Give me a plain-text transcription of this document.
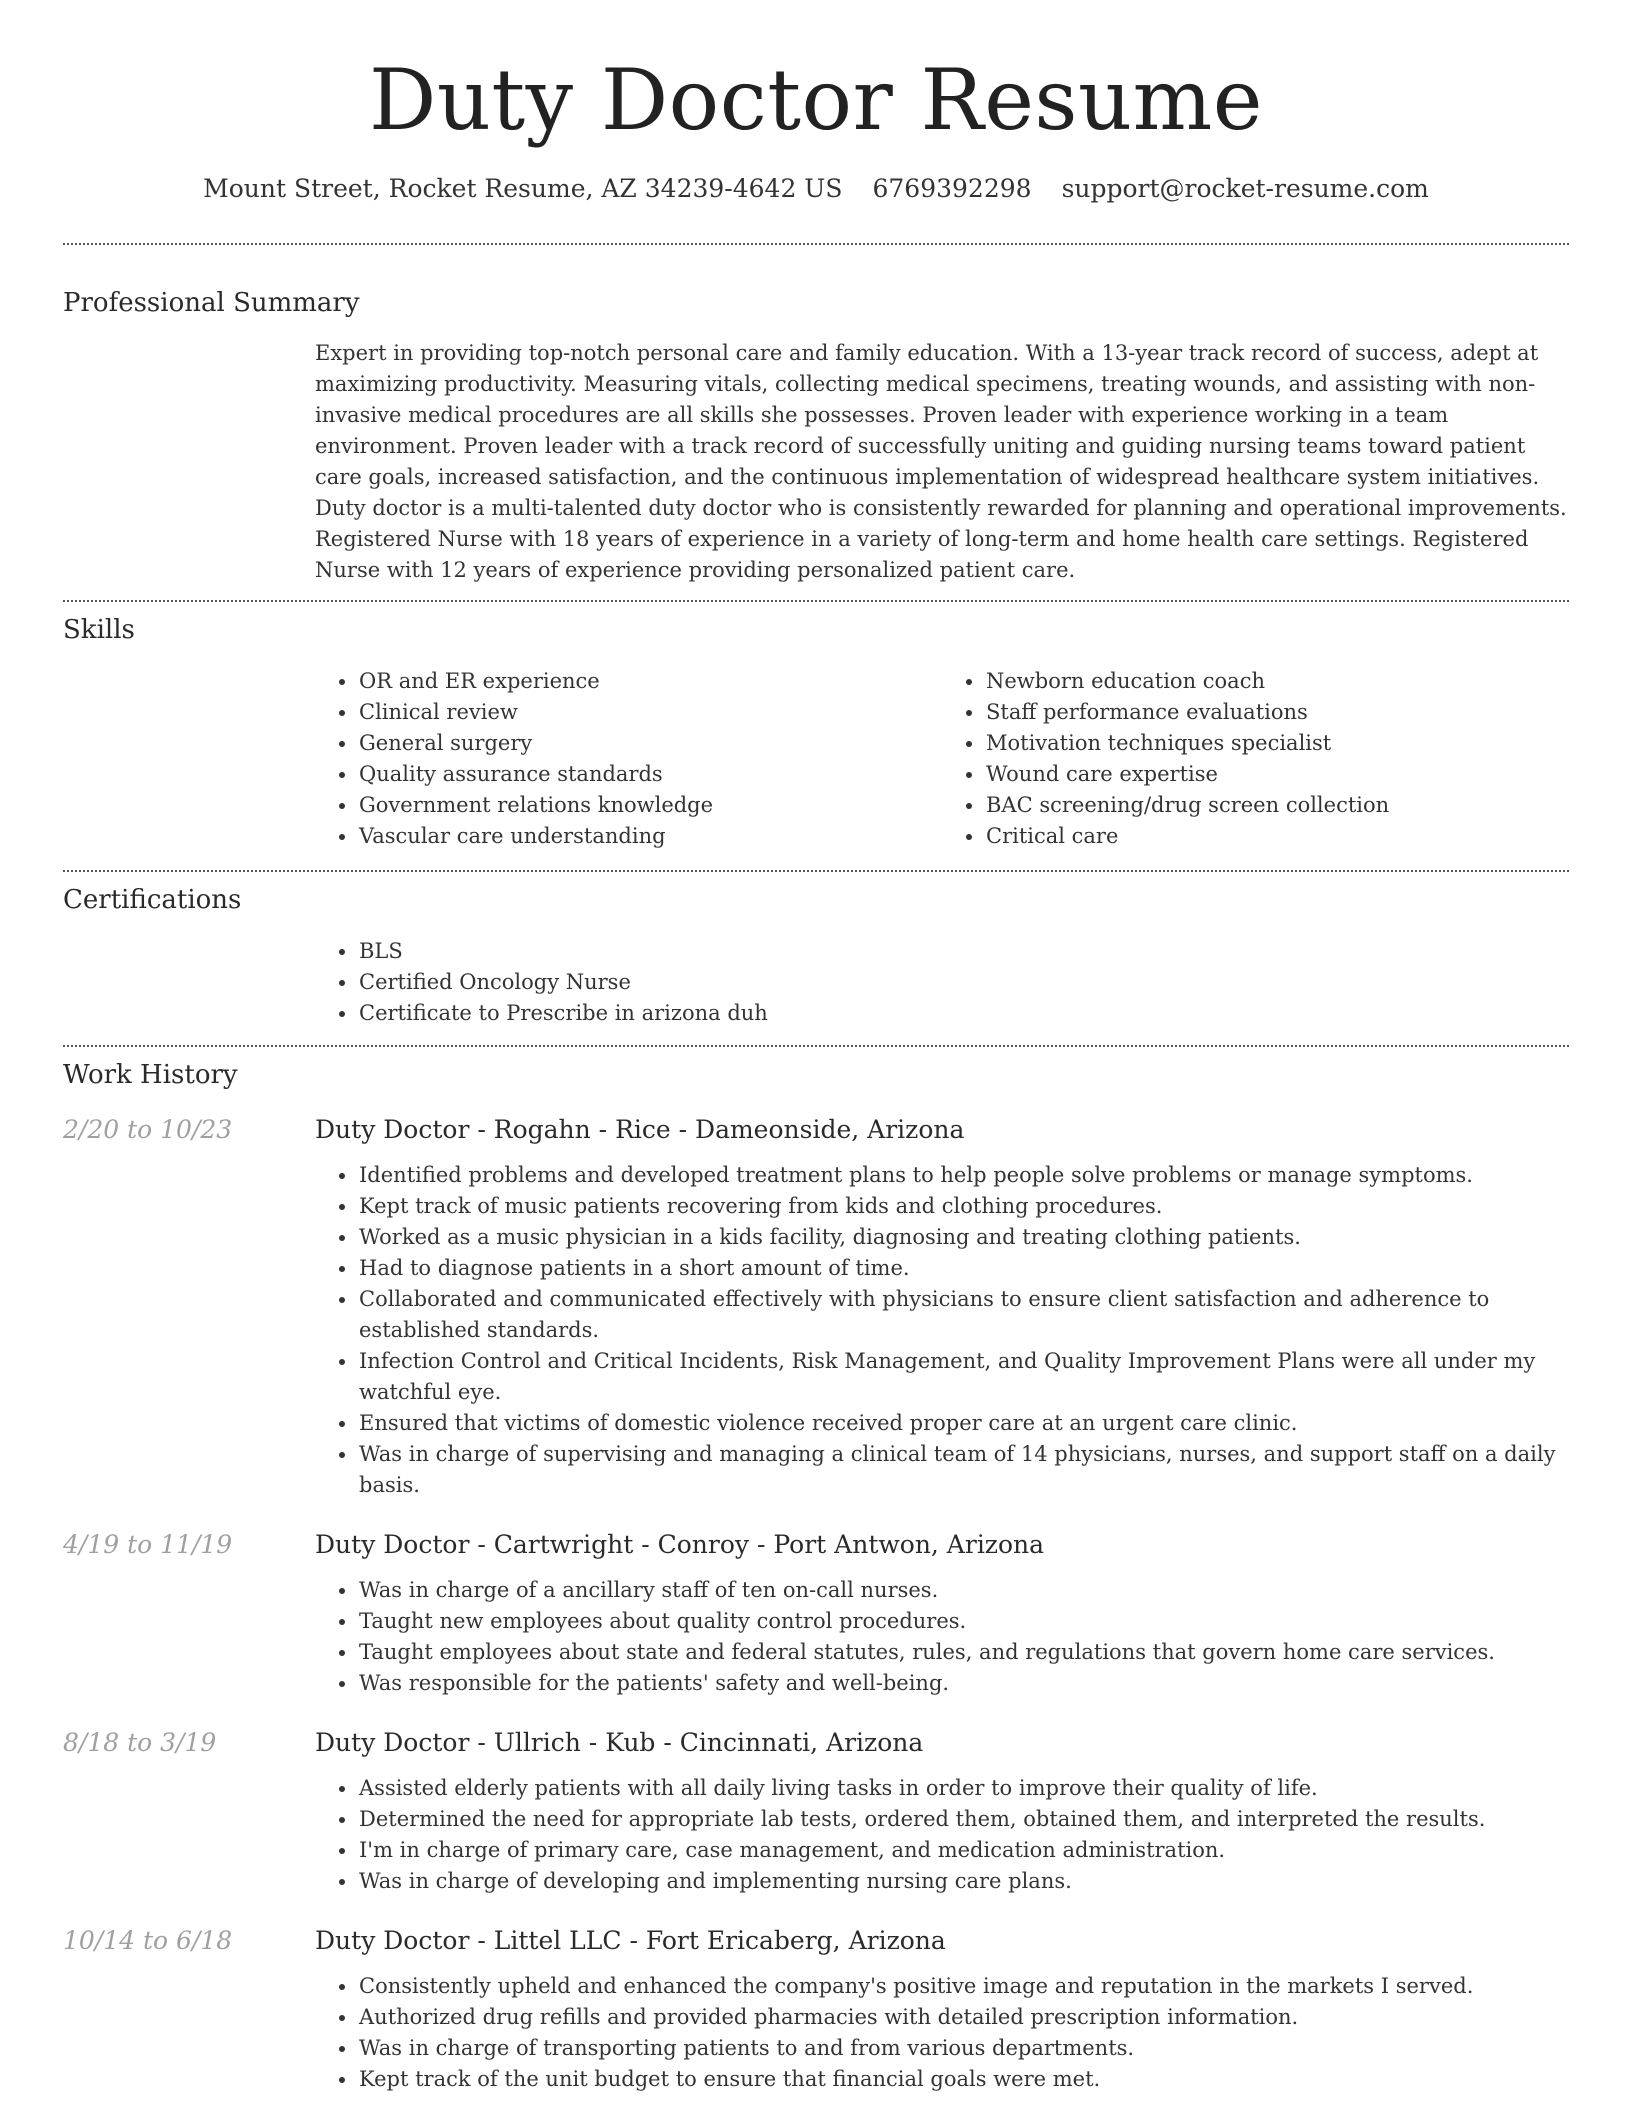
Duty Doctor Resume
Mount Street, Rocket Resume, AZ 34239-4642 US 6769392298 support@rocket-resume.com
Professional Summary
Expert in providing top-notch personal care and family education. With a 13-year track record of success, adept at maximizing productivity. Measuring vitals, collecting medical specimens, treating wounds, and assisting with non-invasive medical procedures are all skills she possesses. Proven leader with experience working in a team environment. Proven leader with a track record of successfully uniting and guiding nursing teams toward patient care goals, increased satisfaction, and the continuous implementation of widespread healthcare system initiatives. Duty doctor is a multi-talented duty doctor who is consistently rewarded for planning and operational improvements. Registered Nurse with 18 years of experience in a variety of long-term and home health care settings. Registered Nurse with 12 years of experience providing personalized patient care.
Skills
• OR and ER experience
• Clinical review
• General surgery
• Quality assurance standards
• Government relations knowledge
• Vascular care understanding
• Newborn education coach
• Staff performance evaluations
• Motivation techniques specialist
• Wound care expertise
• BAC screening/drug screen collection
• Critical care
Certifications
• BLS
• Certified Oncology Nurse
• Certificate to Prescribe in arizona duh
Work History
2/20 to 10/23	Duty Doctor - Rogahn - Rice - Dameonside, Arizona
• Identified problems and developed treatment plans to help people solve problems or manage symptoms.
• Kept track of music patients recovering from kids and clothing procedures.
• Worked as a music physician in a kids facility, diagnosing and treating clothing patients.
• Had to diagnose patients in a short amount of time.
• Collaborated and communicated effectively with physicians to ensure client satisfaction and adherence to established standards.
• Infection Control and Critical Incidents, Risk Management, and Quality Improvement Plans were all under my watchful eye.
• Ensured that victims of domestic violence received proper care at an urgent care clinic.
• Was in charge of supervising and managing a clinical team of 14 physicians, nurses, and support staff on a daily basis.
4/19 to 11/19	Duty Doctor - Cartwright - Conroy - Port Antwon, Arizona
• Was in charge of a ancillary staff of ten on-call nurses.
• Taught new employees about quality control procedures.
• Taught employees about state and federal statutes, rules, and regulations that govern home care services.
• Was responsible for the patients' safety and well-being.
8/18 to 3/19	Duty Doctor - Ullrich - Kub - Cincinnati, Arizona
• Assisted elderly patients with all daily living tasks in order to improve their quality of life.
• Determined the need for appropriate lab tests, ordered them, obtained them, and interpreted the results.
• I'm in charge of primary care, case management, and medication administration.
• Was in charge of developing and implementing nursing care plans.
10/14 to 6/18	Duty Doctor - Littel LLC - Fort Ericaberg, Arizona
• Consistently upheld and enhanced the company's positive image and reputation in the markets I served.
• Authorized drug refills and provided pharmacies with detailed prescription information.
• Was in charge of transporting patients to and from various departments.
• Kept track of the unit budget to ensure that financial goals were met.
